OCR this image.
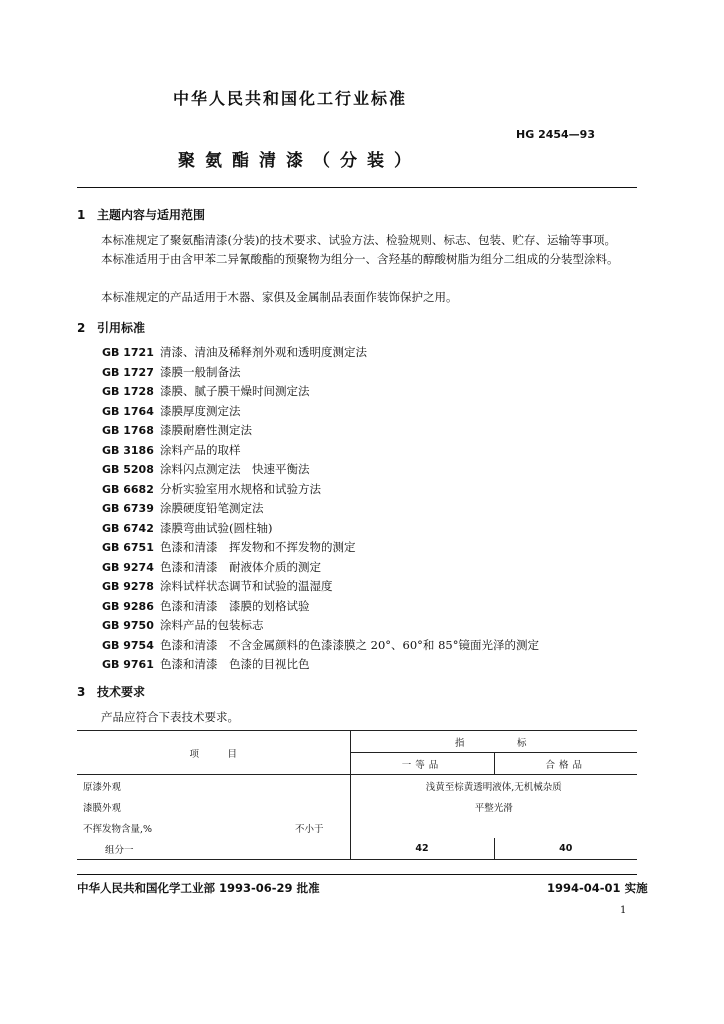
中华人民共和国化工行业标准
HG 2454—93
聚氨酯清漆（分装）
1 主题内容与适用范围
本标准规定了聚氨酯清漆(分装)的技术要求、试验方法、检验规则、标志、包装、贮存、运输等事项。
本标准适用于由含甲苯二异氰酸酯的预聚物为组分一、含羟基的醇酸树脂为组分二组成的分装型涂料。
本标准规定的产品适用于木器、家俱及金属制品表面作装饰保护之用。
2 引用标准
GB 1721 清漆、清油及稀释剂外观和透明度测定法
GB 1727 漆膜一般制备法
GB 1728 漆膜、腻子膜干燥时间测定法
GB 1764 漆膜厚度测定法
GB 1768 漆膜耐磨性测定法
GB 3186 涂料产品的取样
GB 5208 涂料闪点测定法　快速平衡法
GB 6682 分析实验室用水规格和试验方法
GB 6739 涂膜硬度铅笔测定法
GB 6742 漆膜弯曲试验(圆柱轴)
GB 6751 色漆和清漆　挥发物和不挥发物的测定
GB 9274 色漆和清漆　耐液体介质的测定
GB 9278 涂料试样状态调节和试验的温湿度
GB 9286 色漆和清漆　漆膜的划格试验
GB 9750 涂料产品的包装标志
GB 9754 色漆和清漆　不含金属颜料的色漆漆膜之 20°、60°和 85°镜面光泽的测定
GB 9761 色漆和清漆　色漆的目视比色
3 技术要求
产品应符合下表技术要求。
项　　　目	指　　　标	
	一等品	合格品
原漆外观	浅黄至棕黄透明液体,无机械杂质	
漆膜外观	平整光滑	
不挥发物含量,% 不小于		

组分一	42	40
中华人民共和国化学工业部 1993-06-29 批准	1994-04-01 实施
1
